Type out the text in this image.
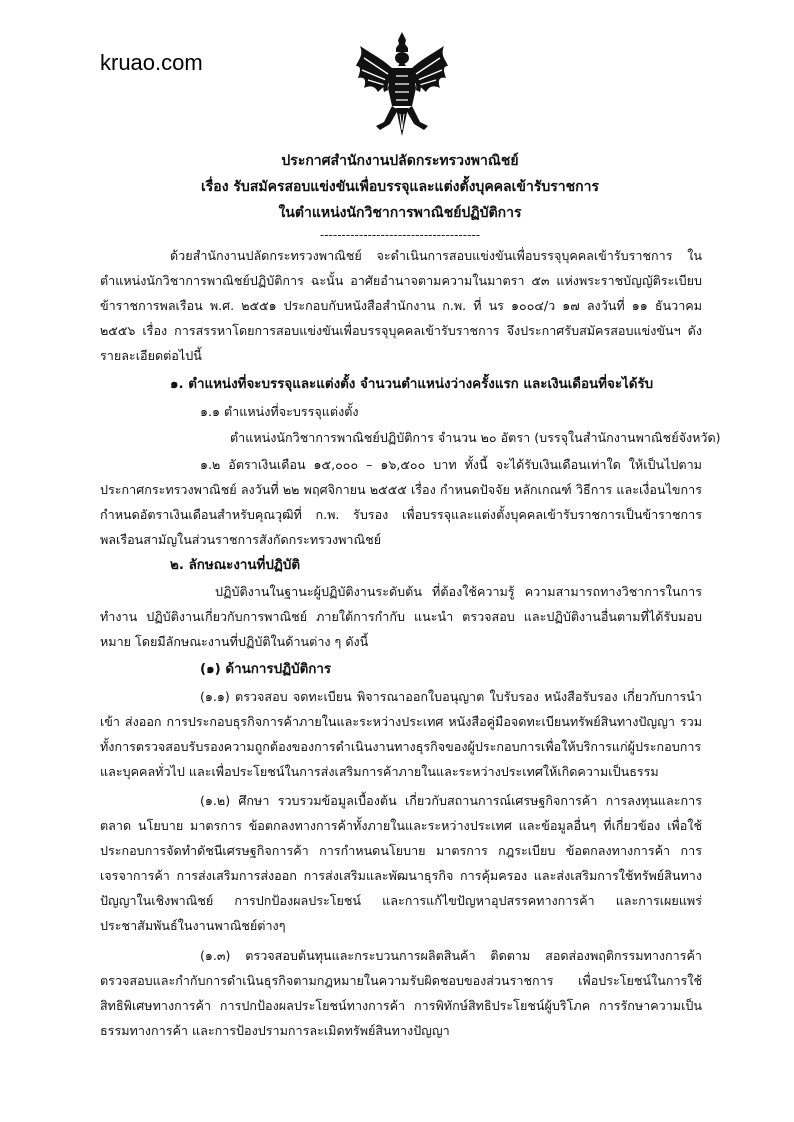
kruao.com

ประกาศสำนักงานปลัดกระทรวงพาณิชย์

เรื่อง รับสมัครสอบแข่งขันเพื่อบรรจุและแต่งตั้งบุคคลเข้ารับราชการ

ในตำแหน่งนักวิชาการพาณิชย์ปฏิบัติการ

-------------------------------------

ด้วยสำนักงานปลัดกระทรวงพาณิชย์ จะดำเนินการสอบแข่งขันเพื่อบรรจุบุคคลเข้ารับราชการ ในตำแหน่งนักวิชาการพาณิชย์ปฏิบัติการ ฉะนั้น อาศัยอำนาจตามความในมาตรา ๕๓ แห่งพระราชบัญญัติระเบียบข้าราชการพลเรือน พ.ศ. ๒๕๕๑ ประกอบกับหนังสือสำนักงาน ก.พ. ที่ นร ๑๐๐๔/ว ๑๗ ลงวันที่ ๑๑ ธันวาคม ๒๕๕๖ เรื่อง การสรรหาโดยการสอบแข่งขันเพื่อบรรจุบุคคลเข้ารับราชการ จึงประกาศรับสมัครสอบแข่งขันฯ ดังรายละเอียดต่อไปนี้

๑. ตำแหน่งที่จะบรรจุและแต่งตั้ง จำนวนตำแหน่งว่างครั้งแรก และเงินเดือนที่จะได้รับ

๑.๑ ตำแหน่งที่จะบรรจุแต่งตั้ง

ตำแหน่งนักวิชาการพาณิชย์ปฏิบัติการ จำนวน ๒๐ อัตรา (บรรจุในสำนักงานพาณิชย์จังหวัด)

๑.๒ อัตราเงินเดือน ๑๕,๐๐๐ – ๑๖,๕๐๐ บาท ทั้งนี้ จะได้รับเงินเดือนเท่าใด ให้เป็นไปตามประกาศกระทรวงพาณิชย์ ลงวันที่ ๒๒ พฤศจิกายน ๒๕๕๕ เรื่อง กำหนดปัจจัย หลักเกณฑ์ วิธีการ และเงื่อนไขการกำหนดอัตราเงินเดือนสำหรับคุณวุฒิที่ ก.พ. รับรอง เพื่อบรรจุและแต่งตั้งบุคคลเข้ารับราชการเป็นข้าราชการพลเรือนสามัญในส่วนราชการสังกัดกระทรวงพาณิชย์

๒. ลักษณะงานที่ปฏิบัติ

ปฏิบัติงานในฐานะผู้ปฏิบัติงานระดับต้น ที่ต้องใช้ความรู้ ความสามารถทางวิชาการในการทำงาน ปฏิบัติงานเกี่ยวกับการพาณิชย์ ภายใต้การกำกับ แนะนำ ตรวจสอบ และปฏิบัติงานอื่นตามที่ได้รับมอบหมาย โดยมีลักษณะงานที่ปฏิบัติในด้านต่าง ๆ ดังนี้

(๑) ด้านการปฏิบัติการ

(๑.๑) ตรวจสอบ จดทะเบียน พิจารณาออกใบอนุญาต ใบรับรอง หนังสือรับรอง เกี่ยวกับการนำเข้า ส่งออก การประกอบธุรกิจการค้าภายในและระหว่างประเทศ หนังสือคู่มือจดทะเบียนทรัพย์สินทางปัญญา รวมทั้งการตรวจสอบรับรองความถูกต้องของการดำเนินงานทางธุรกิจของผู้ประกอบการเพื่อให้บริการแก่ผู้ประกอบการ และบุคคลทั่วไป และเพื่อประโยชน์ในการส่งเสริมการค้าภายในและระหว่างประเทศให้เกิดความเป็นธรรม

(๑.๒) ศึกษา รวบรวมข้อมูลเบื้องต้น เกี่ยวกับสถานการณ์เศรษฐกิจการค้า การลงทุนและการตลาด นโยบาย มาตรการ ข้อตกลงทางการค้าทั้งภายในและระหว่างประเทศ และข้อมูลอื่นๆ ที่เกี่ยวข้อง เพื่อใช้ประกอบการจัดทำดัชนีเศรษฐกิจการค้า การกำหนดนโยบาย มาตรการ กฎระเบียบ ข้อตกลงทางการค้า การเจรจาการค้า การส่งเสริมการส่งออก การส่งเสริมและพัฒนาธุรกิจ การคุ้มครอง และส่งเสริมการใช้ทรัพย์สินทางปัญญาในเชิงพาณิชย์ การปกป้องผลประโยชน์ และการแก้ไขปัญหาอุปสรรคทางการค้า และการเผยแพร่ประชาสัมพันธ์ในงานพาณิชย์ต่างๆ

(๑.๓) ตรวจสอบต้นทุนและกระบวนการผลิตสินค้า ติดตาม สอดส่องพฤติกรรมทางการค้า ตรวจสอบและกำกับการดำเนินธุรกิจตามกฎหมายในความรับผิดชอบของส่วนราชการ เพื่อประโยชน์ในการใช้สิทธิพิเศษทางการค้า การปกป้องผลประโยชน์ทางการค้า การพิทักษ์สิทธิประโยชน์ผู้บริโภค การรักษาความเป็นธรรมทางการค้า และการป้องปรามการละเมิดทรัพย์สินทางปัญญา
